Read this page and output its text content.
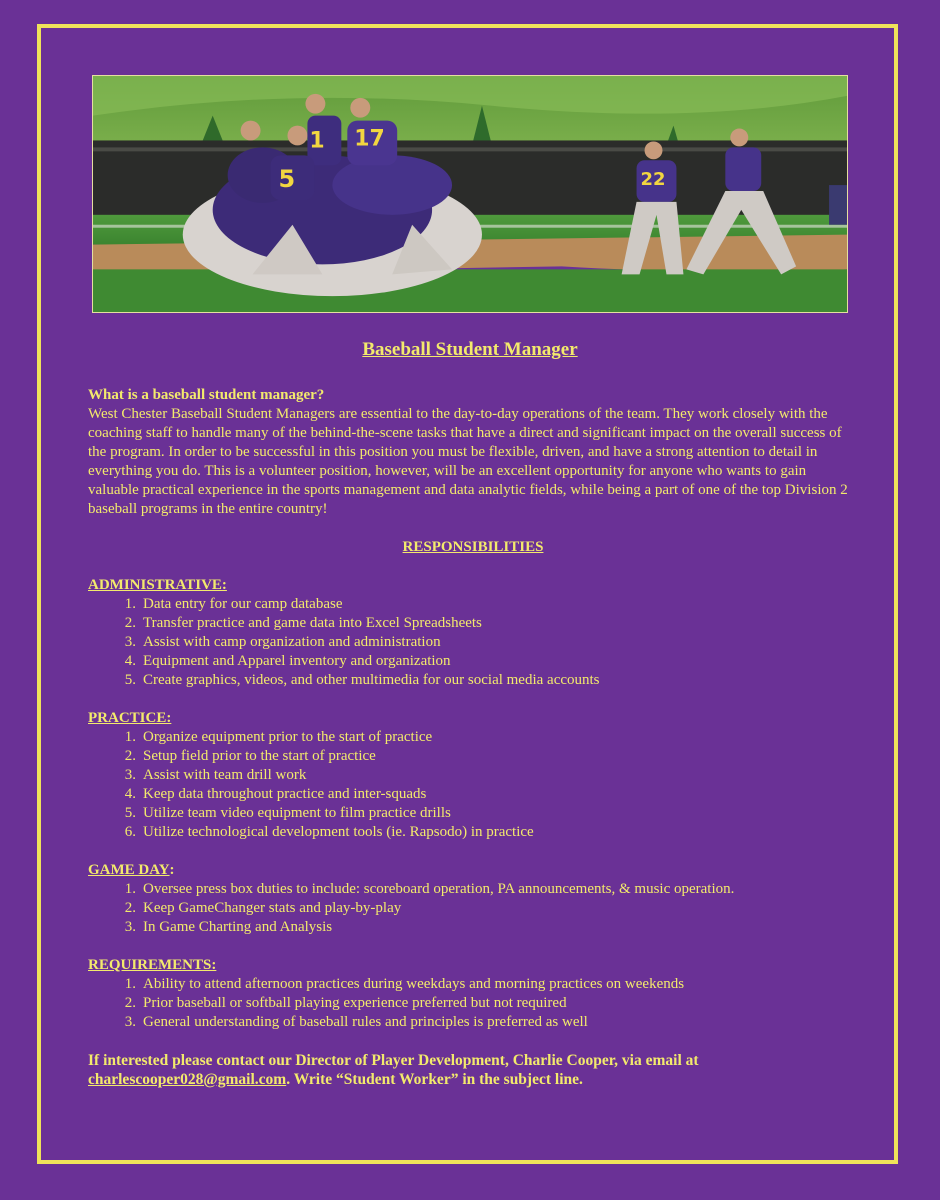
1 17
5	22
Baseball Student Manager
What is a baseball student manager?

West Chester Baseball Student Managers are essential to the day-to-day operations of the team. They work closely with the coaching staff to handle many of the behind-the-scene tasks that have a direct and significant impact on the overall success of the program. In order to be successful in this position you must be flexible, driven, and have a strong attention to detail in everything you do. This is a volunteer position, however, will be an excellent opportunity for anyone who wants to gain valuable practical experience in the sports management and data analytic fields, while being a part of one of the top Division 2 baseball programs in the entire country!

RESPONSIBILITIES
ADMINISTRATIVE:
1. Data entry for our camp database
2. Transfer practice and game data into Excel Spreadsheets
3. Assist with camp organization and administration
4. Equipment and Apparel inventory and organization
5. Create graphics, videos, and other multimedia for our social media accounts
PRACTICE:
1. Organize equipment prior to the start of practice
2. Setup field prior to the start of practice
3. Assist with team drill work
4. Keep data throughout practice and inter-squads
5. Utilize team video equipment to film practice drills
6. Utilize technological development tools (ie. Rapsodo) in practice
GAME DAY:
1. Oversee press box duties to include: scoreboard operation, PA announcements, & music operation.
2. Keep GameChanger stats and play-by-play
3. In Game Charting and Analysis
REQUIREMENTS:
1. Ability to attend afternoon practices during weekdays and morning practices on weekends
2. Prior baseball or softball playing experience preferred but not required
3. General understanding of baseball rules and principles is preferred as well
If interested please contact our Director of Player Development, Charlie Cooper, via email at charlescooper028@gmail.com. Write “Student Worker” in the subject line.
